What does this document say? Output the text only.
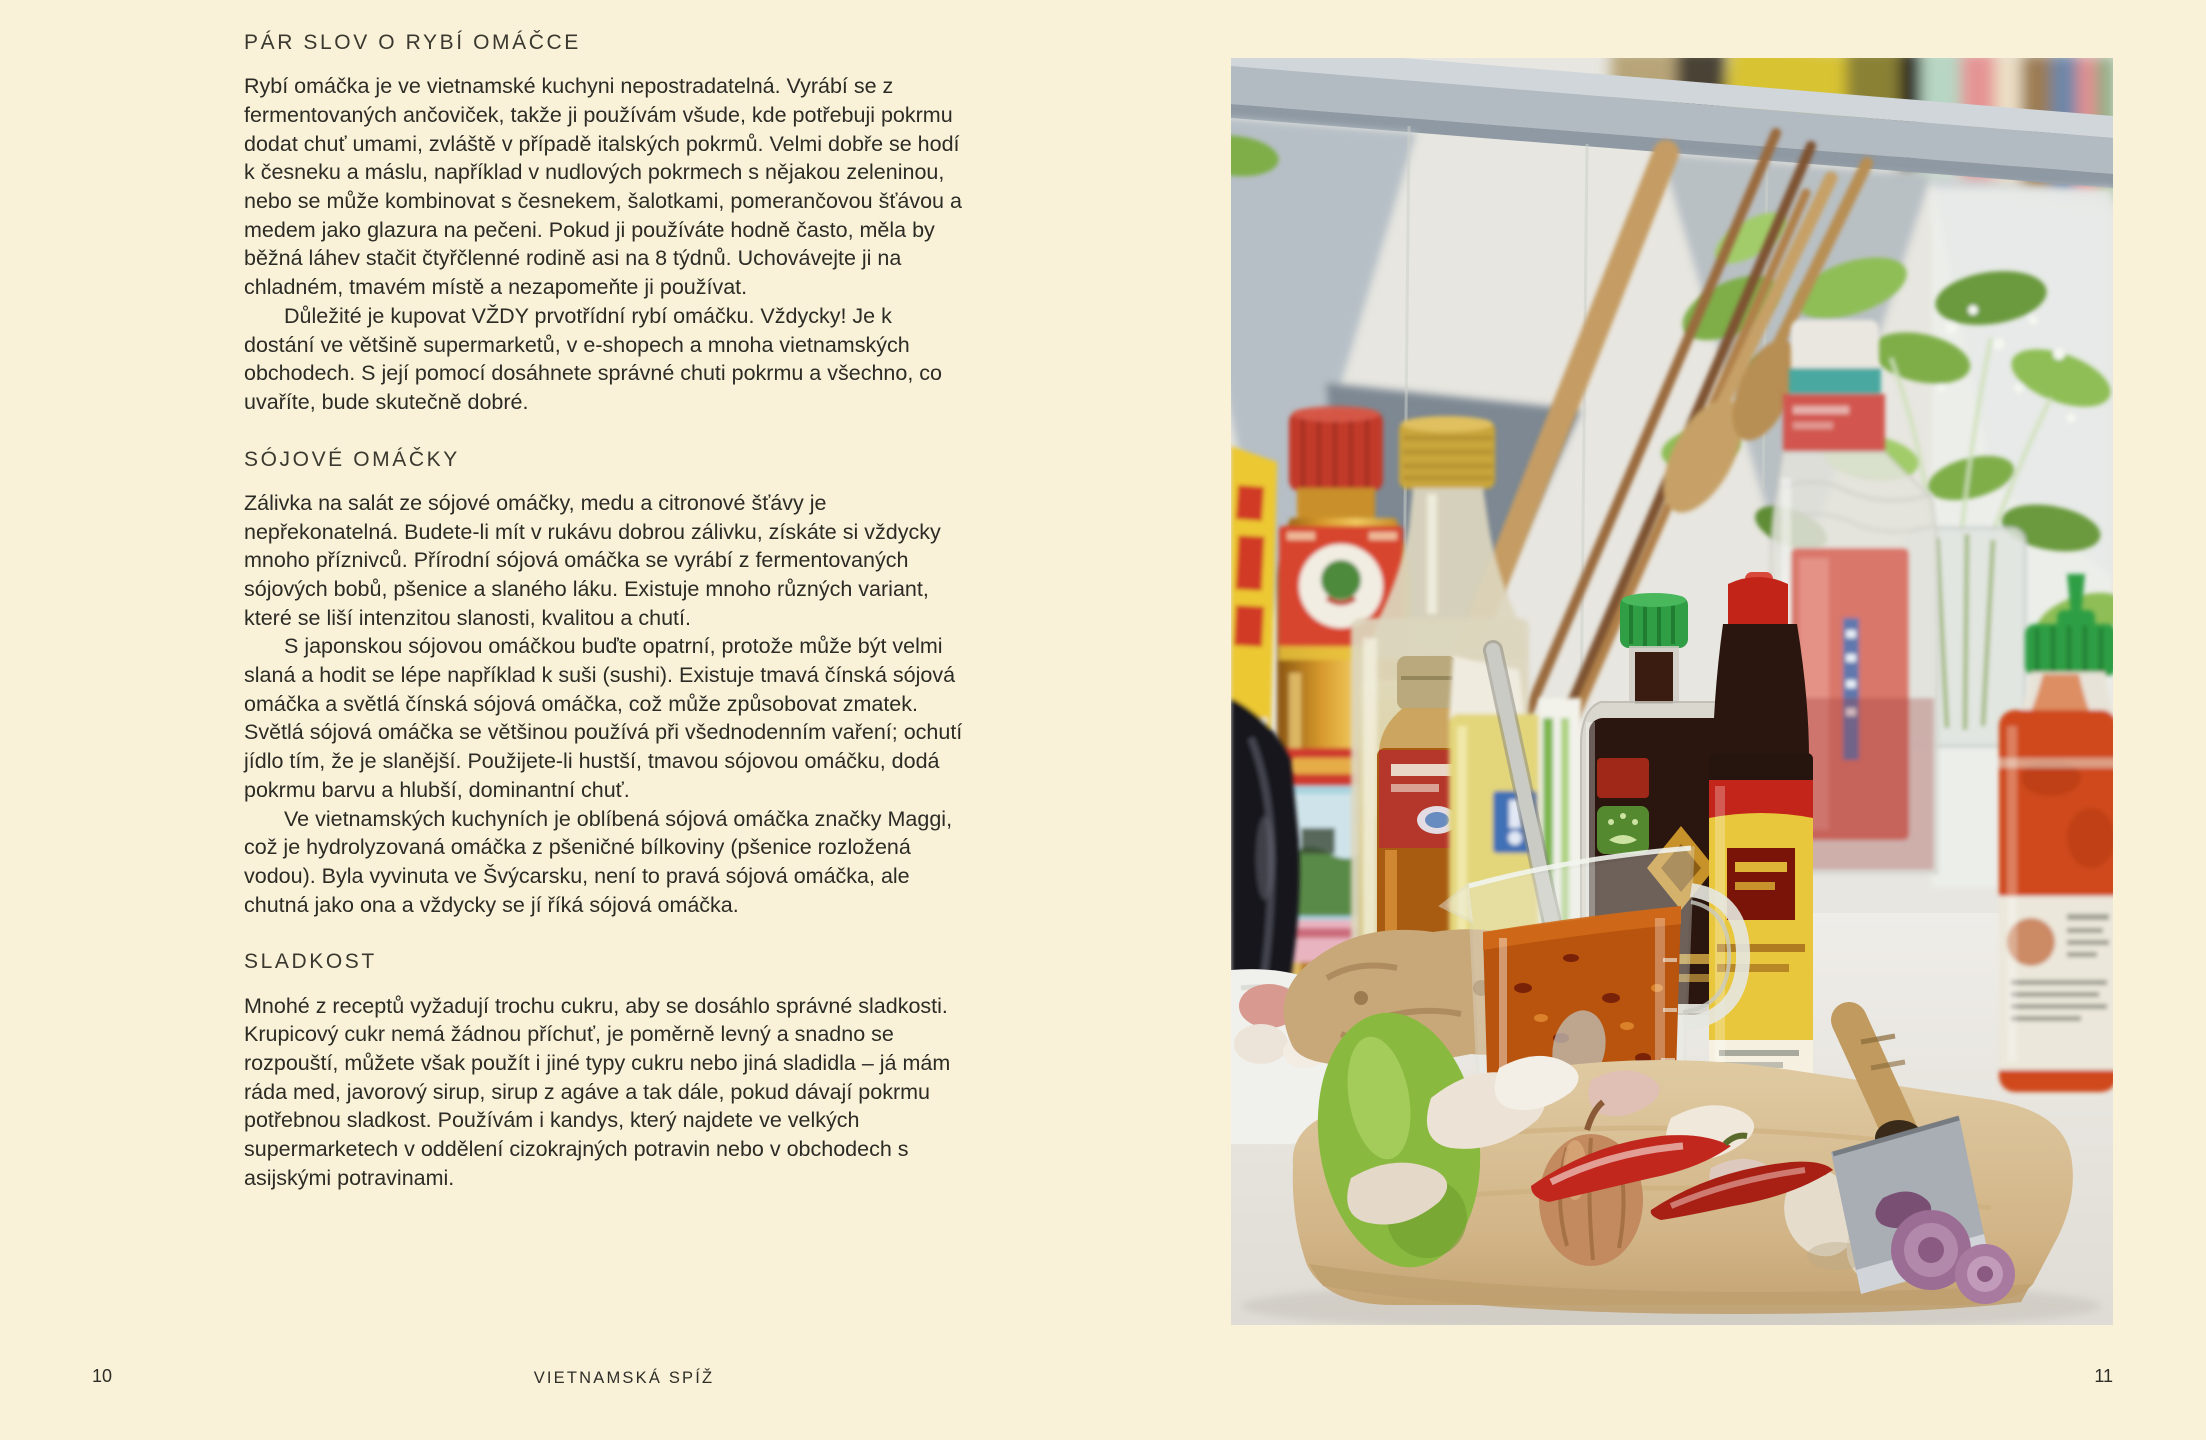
PÁR SLOV O RYBÍ OMÁČCE

Rybí omáčka je ve vietnamské kuchyni nepostradatelná. Vyrábí se z fermentovaných ančoviček, takže ji používám všude, kde potřebuji pokrmu dodat chuť umami, zvláště v případě italských pokrmů. Velmi dobře se hodí k česneku a máslu, například v nudlových pokrmech s nějakou zeleninou, nebo se může kombinovat s česnekem, šalotkami, pomerančovou šťávou a medem jako glazura na pečeni. Pokud ji používáte hodně často, měla by běžná láhev stačit čtyřčlenné rodině asi na 8 týdnů. Uchovávejte ji na chladném, tmavém místě a nezapomeňte ji používat.

Důležité je kupovat VŽDY prvotřídní rybí omáčku. Vždycky! Je k dostání ve většině supermarketů, v e-shopech a mnoha vietnamských obchodech. S její pomocí dosáhnete správné chuti pokrmu a všechno, co uvaříte, bude skutečně dobré.

SÓJOVÉ OMÁČKY

Zálivka na salát ze sójové omáčky, medu a citronové šťávy je nepřekonatelná. Budete-li mít v rukávu dobrou zálivku, získáte si vždycky mnoho příznivců. Přírodní sójová omáčka se vyrábí z fermentovaných sójových bobů, pšenice a slaného láku. Existuje mnoho různých variant, které se liší intenzitou slanosti, kvalitou a chutí.

S japonskou sójovou omáčkou buďte opatrní, protože může být velmi slaná a hodit se lépe například k suši (sushi). Existuje tmavá čínská sójová omáčka a světlá čínská sójová omáčka, což může způsobovat zmatek. Světlá sójová omáčka se většinou používá při všednodenním vaření; ochutí jídlo tím, že je slanější. Použijete-li hustší, tmavou sójovou omáčku, dodá pokrmu barvu a hlubší, dominantní chuť.

Ve vietnamských kuchyních je oblíbená sójová omáčka značky Maggi, což je hydrolyzovaná omáčka z pšeničné bílkoviny (pšenice rozložená vodou). Byla vyvinuta ve Švýcarsku, není to pravá sójová omáčka, ale chutná jako ona a vždycky se jí říká sójová omáčka.

SLADKOST

Mnohé z receptů vyžadují trochu cukru, aby se dosáhlo správné sladkosti. Krupicový cukr nemá žádnou příchuť, je poměrně levný a snadno se rozpouští, můžete však použít i jiné typy cukru nebo jiná sladidla – já mám ráda med, javorový sirup, sirup z agáve a tak dále, pokud dávají pokrmu potřebnou sladkost. Používám i kandys, který najdete ve velkých supermarketech v oddělení cizokrajných potravin nebo v obchodech s asijskými potravinami.

10	VIETNAMSKÁ SPÍŽ	11
